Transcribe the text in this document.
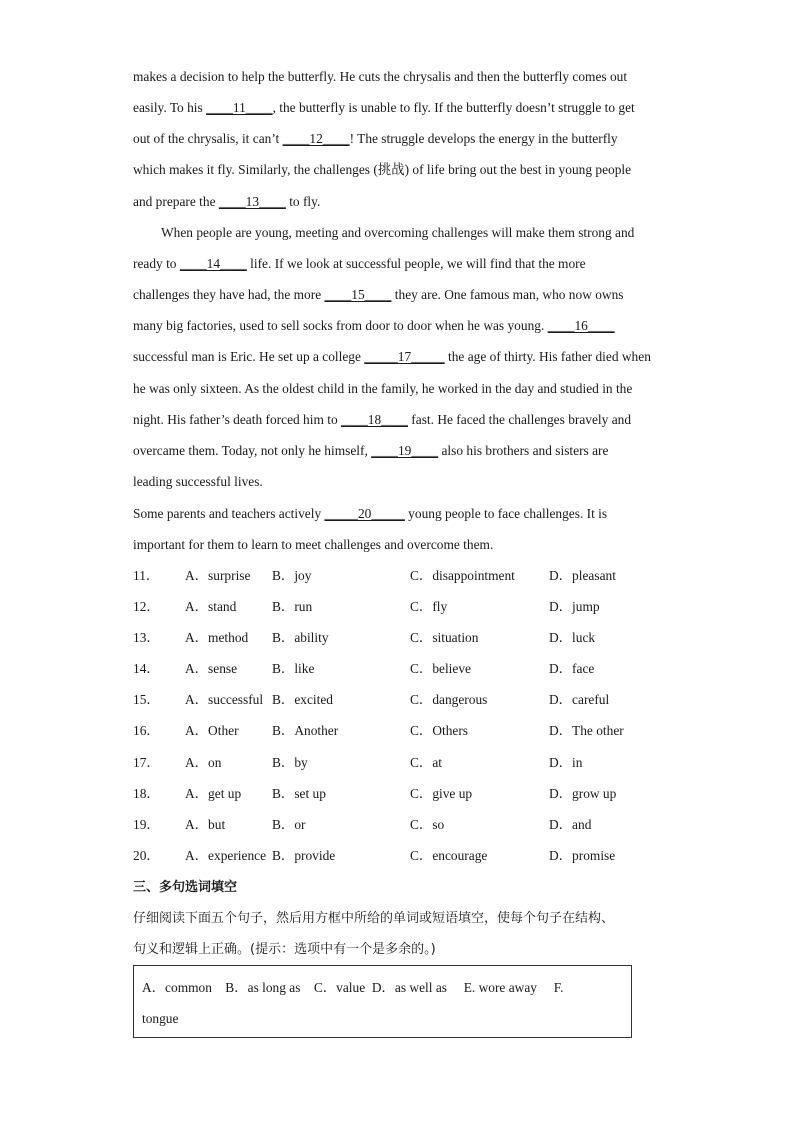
makes a decision to help the butterfly. He cuts the chrysalis and then the butterfly comes out
easily. To his ____11____, the butterfly is unable to fly. If the butterfly doesn’t struggle to get
out of the chrysalis, it can’t ____12____! The struggle develops the energy in the butterfly
which makes it fly. Similarly, the challenges (挑战) of life bring out the best in young people
and prepare the ____13____ to fly.
When people are young, meeting and overcoming challenges will make them strong and
ready to ____14____ life. If we look at successful people, we will find that the more
challenges they have had, the more ____15____ they are. One famous man, who now owns
many big factories, used to sell socks from door to door when he was young. ____16____
successful man is Eric. He set up a college _____17_____ the age of thirty. His father died when
he was only sixteen. As the oldest child in the family, he worked in the day and studied in the
night. His father’s death forced him to ____18____ fast. He faced the challenges bravely and
overcame them. Today, not only he himself, ____19____ also his brothers and sisters are
leading successful lives.
Some parents and teachers actively _____20_____ young people to face challenges. It is
important for them to learn to meet challenges and overcome them.
11． A．surprise B．joy	C．disappointment	D．pleasant
12． A．stand	B．run	C．fly	D．jump
13． A．method B．ability	C．situation	D．luck
14． A．sense	B．like	C．believe	D．face
15． A．successful B．excited	C．dangerous	D．careful
16． A．Other B．Another	C．Others	D．The other
17． A．on	B．by	C．at	D．in
18． A．get up B．set up	C．give up	D．grow up
19． A．but	B．or	C．so	D．and
20． A．experience B．provide	C．encourage	D．promise
三、多句选词填空
仔细阅读下面五个句子，然后用方框中所给的单词或短语填空，使每个句子在结构、
句义和逻辑上正确。(提示：选项中有一个是多余的。)
A．common    B．as long as    C．value  D．as well as     E. wore away     F.
tongue
